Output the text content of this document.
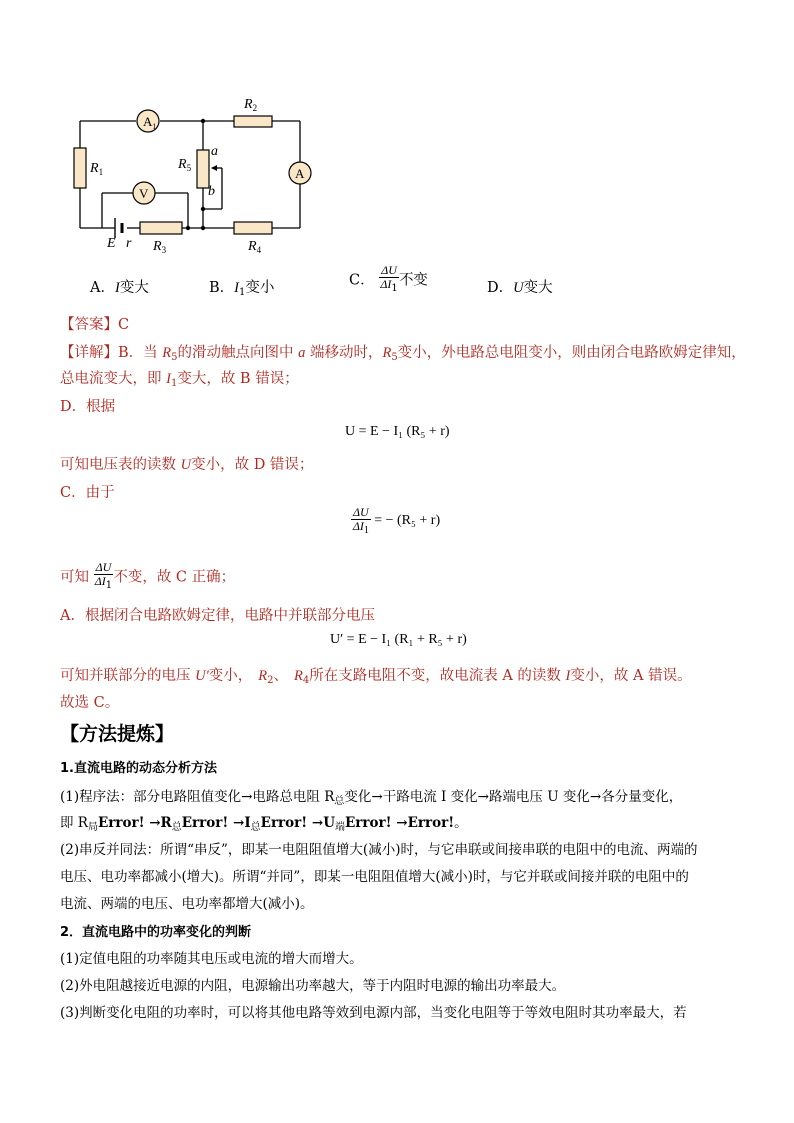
$A_1$
A
V
$R_1$
$R_2$
$R_3$	$R_4$
$R_5$
a
b
E r
A．I变大	B．$I_1$变小	C． $\frac{\Delta U}{\Delta I_1}$ 不变	D．U变大
【答案】C
【详解】B．当 $R_5$的滑动触点向图中 a 端移动时，$R_5$变小，外电路总电阻变小，则由闭合电路欧姆定律知，
总电流变大，即 $I_1$变大，故 B 错误；
D．根据
U = E − I₁ (R₅ + r)
可知电压表的读数 U变小，故 D 错误；
C．由于
$\frac{\Delta U}{\Delta I_1}$ = − (R₅ + r)
可知 $\frac{\Delta U}{\Delta I_1}$ 不变，故 C 正确；
A．根据闭合电路欧姆定律，电路中并联部分电压
U′ = E − I₁ (R₁ + R₅ + r)
可知并联部分的电压 U′变小， $R_2$、 $R_4$所在支路电阻不变，故电流表 A 的读数 I变小，故 A 错误。
故选 C。
【方法提炼】
1.直流电路的动态分析方法
(1)程序法：部分电路阻值变化→电路总电阻 $R_总$变化→干路电流 I 变化→路端电压 U 变化→各分量变化，
即 $R_局Error$! $\to R_总Error$! $\to I_总Error$! $\to U_端Error$! →Error!。
(2)串反并同法：所谓“串反”，即某一电阻阻值增大(减小)时，与它串联或间接串联的电阻中的电流、两端的
电压、电功率都减小(增大)。所谓“并同”，即某一电阻阻值增大(减小)时，与它并联或间接并联的电阻中的
电流、两端的电压、电功率都增大(减小)。
2．直流电路中的功率变化的判断
(1)定值电阻的功率随其电压或电流的增大而增大。
(2)外电阻越接近电源的内阻，电源输出功率越大，等于内阻时电源的输出功率最大。
(3)判断变化电阻的功率时，可以将其他电路等效到电源内部，当变化电阻等于等效电阻时其功率最大，若
